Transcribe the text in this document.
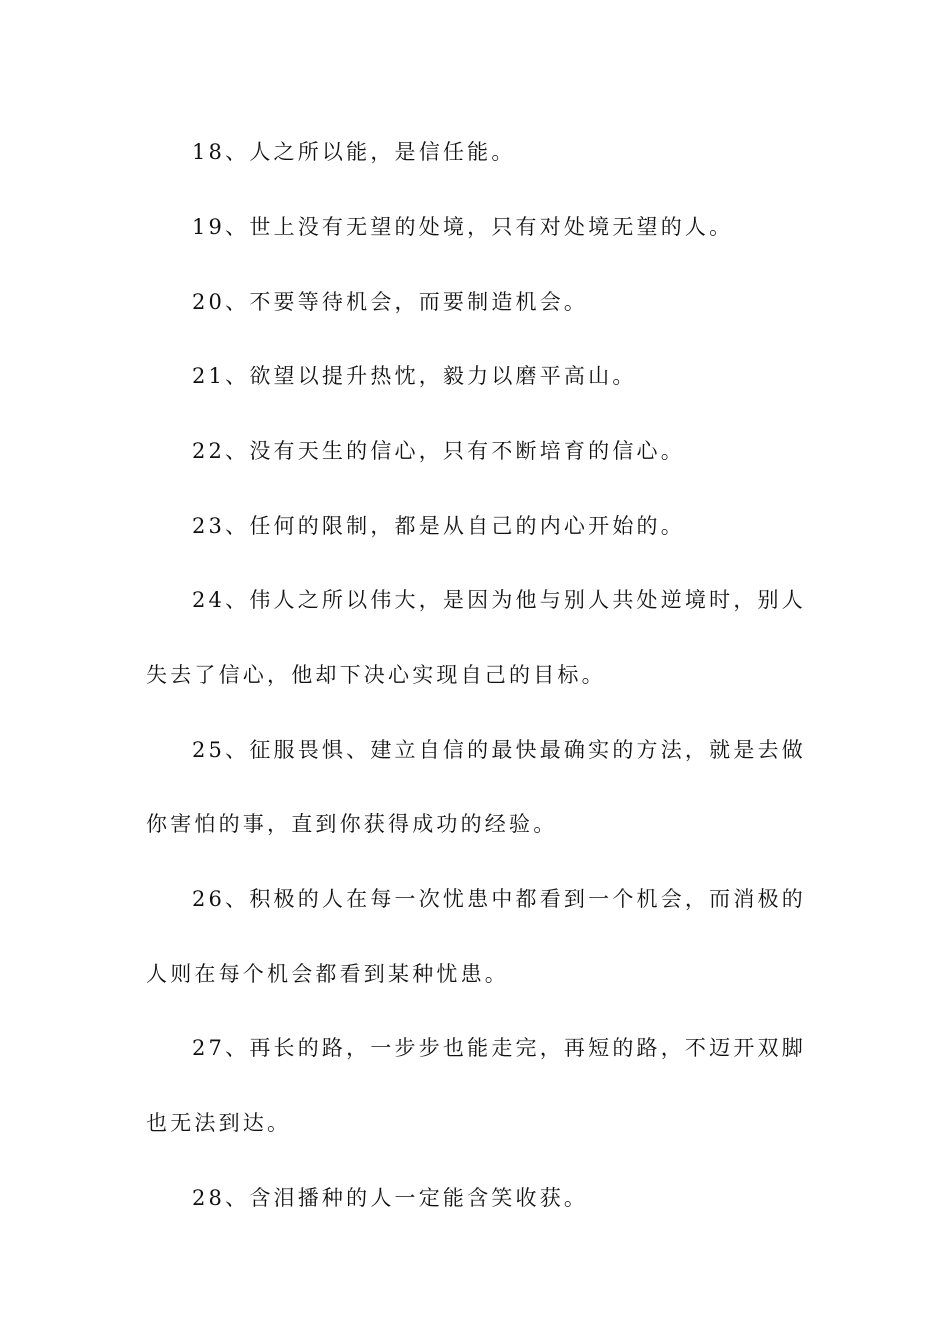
18、人之所以能，是信任能。
19、世上没有无望的处境，只有对处境无望的人。
20、不要等待机会，而要制造机会。
21、欲望以提升热忱，毅力以磨平高山。
22、没有天生的信心，只有不断培育的信心。
23、任何的限制，都是从自己的内心开始的。
24、伟人之所以伟大，是因为他与别人共处逆境时，别人
失去了信心，他却下决心实现自己的目标。
25、征服畏惧、建立自信的最快最确实的方法，就是去做
你害怕的事，直到你获得成功的经验。
26、积极的人在每一次忧患中都看到一个机会，而消极的
人则在每个机会都看到某种忧患。
27、再长的路，一步步也能走完，再短的路，不迈开双脚
也无法到达。
28、含泪播种的人一定能含笑收获。
